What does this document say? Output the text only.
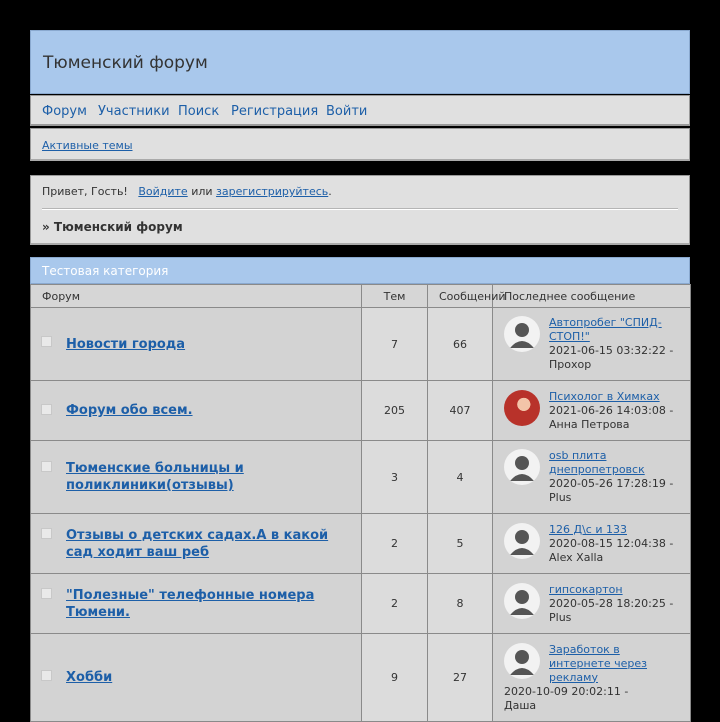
Тюменский форум
Форум Участники Поиск Регистрация Войти
Активные темы
Привет, Гость! Войдите или зарегистрируйтесь.
» Тюменский форум
Тестовая категория
Форум	Тем	Сообщений	Последнее сообщение

Новости города	7	66	Автопробег "СПИД-СТОП!"
2021-06-15 03:32:22 -
Прохор

Форум обо всем.	205	407	Психолог в Химках
2021-06-26 14:03:08 -
Анна Петрова

Тюменские больницы и поликлиники(отзывы)	3	4	osb плита днепропетровск
2020-05-26 17:28:19 -
Plus

Отзывы о детских садах.А в какой сад ходит ваш реб	2	5	126 Д\с и 133
2020-08-15 12:04:38 -
Alex Xalla

"Полезные" телефонные номера Тюмени.	2	8	гипсокартон
2020-05-28 18:20:25 -
Plus

Хобби	9	27	Заработок в интернете через рекламу
2020-10-09 20:02:11 -
Даша
